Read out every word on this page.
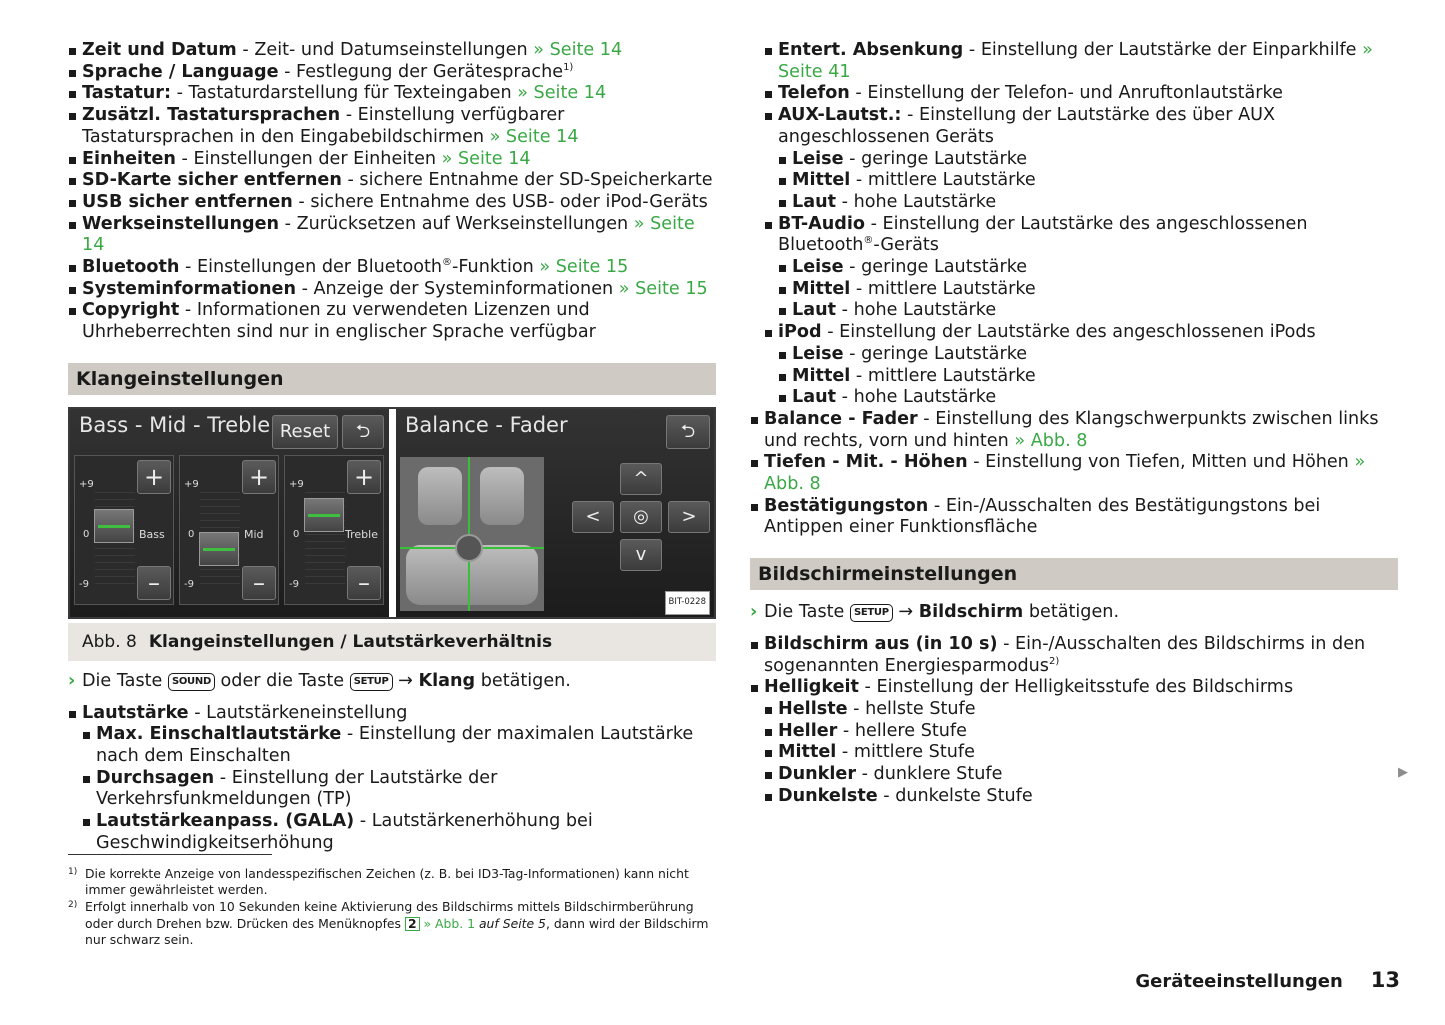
Zeit und Datum - Zeit- und Datumseinstellungen » Seite 14
Sprache / Language - Festlegung der Gerätesprache$^{1)}$
Tastatur: - Tastaturdarstellung für Texteingaben » Seite 14
Zusätzl. Tastatursprachen - Einstellung verfügbarer Tastatursprachen in den Eingabebildschirmen » Seite 14
Einheiten - Einstellungen der Einheiten » Seite 14
SD-Karte sicher entfernen - sichere Entnahme der SD-Speicherkarte
USB sicher entfernen - sichere Entnahme des USB- oder iPod-Geräts
Werkseinstellungen - Zurücksetzen auf Werkseinstellungen » Seite 14
Bluetooth - Einstellungen der Bluetooth®-Funktion » Seite 15
Systeminformationen - Anzeige der Systeminformationen » Seite 15
Copyright - Informationen zu verwendeten Lizenzen und Uhrheberrechten sind nur in englischer Sprache verfügbar
Klangeinstellungen
Bass - Mid - Treble Reset	⮌
+9
0
-9
Bass
+
–
+9
0
-9
Mid
+
–
+9
0
-9
Treble
+
–
Balance - Fader	⮌
^
<	◎	>
v
BIT-0228
Abb. 8 Klangeinstellungen / Lautstärkeverhältnis
› Die Taste SOUND oder die Taste SETUP → Klang betätigen.
Lautstärke - Lautstärkeneinstellung
Max. Einschaltlautstärke - Einstellung der maximalen Lautstärke nach dem Einschalten
Durchsagen - Einstellung der Lautstärke der Verkehrsfunkmeldungen (TP)
Lautstärkeanpass. (GALA) - Lautstärkenerhöhung bei Geschwindigkeitserhöhung
Entert. Absenkung - Einstellung der Lautstärke der Einparkhilfe » Seite 41
Telefon - Einstellung der Telefon- und Anruftonlautstärke
AUX-Lautst.: - Einstellung der Lautstärke des über AUX angeschlossenen Geräts
Leise - geringe Lautstärke
Mittel - mittlere Lautstärke
Laut - hohe Lautstärke
BT-Audio - Einstellung der Lautstärke des angeschlossenen Bluetooth®-Geräts
Leise - geringe Lautstärke
Mittel - mittlere Lautstärke
Laut - hohe Lautstärke
iPod - Einstellung der Lautstärke des angeschlossenen iPods
Leise - geringe Lautstärke
Mittel - mittlere Lautstärke
Laut - hohe Lautstärke
Balance - Fader - Einstellung des Klangschwerpunkts zwischen links und rechts, vorn und hinten » Abb. 8
Tiefen - Mit. - Höhen - Einstellung von Tiefen, Mitten und Höhen » Abb. 8
Bestätigungston - Ein-/Ausschalten des Bestätigungstons bei Antippen einer Funktionsfläche
Bildschirmeinstellungen
› Die Taste SETUP → Bildschirm betätigen.
Bildschirm aus (in 10 s) - Ein-/Ausschalten des Bildschirms in den sogenannten Energiesparmodus$^{2)}$
Helligkeit - Einstellung der Helligkeitsstufe des Bildschirms
Hellste - hellste Stufe
Heller - hellere Stufe
Mittel - mittlere Stufe
Dunkler - dunklere Stufe
Dunkelste - dunkelste Stufe
▶
1) Die korrekte Anzeige von landesspezifischen Zeichen (z. B. bei ID3-Tag-Informationen) kann nicht immer gewährleistet werden.
2) Erfolgt innerhalb von 10 Sekunden keine Aktivierung des Bildschirms mittels Bildschirmberührung oder durch Drehen bzw. Drücken des Menüknopfes 2 » Abb. 1 auf Seite 5, dann wird der Bildschirm nur schwarz sein.
Geräteeinstellungen 13
